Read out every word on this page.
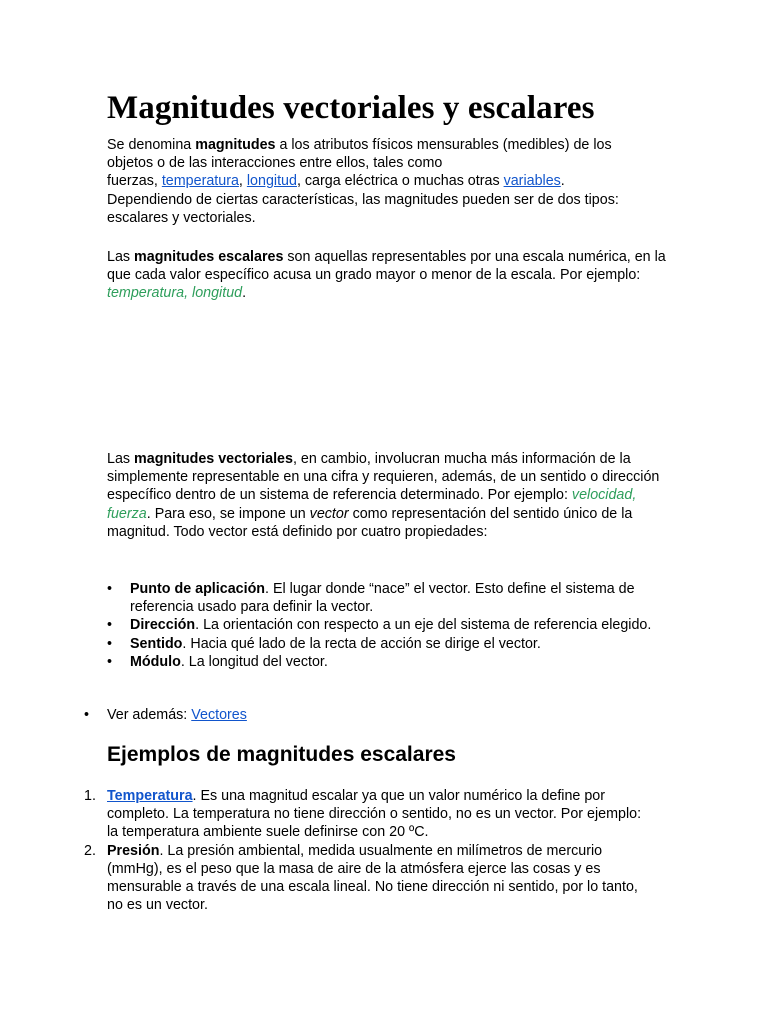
Magnitudes vectoriales y escalares

Se denomina magnitudes a los atributos físicos mensurables (medibles) de los objetos o de las interacciones entre ellos, tales como
fuerzas, temperatura, longitud, carga eléctrica o muchas otras variables.
Dependiendo de ciertas características, las magnitudes pueden ser de dos tipos: escalares y vectoriales.

Las magnitudes escalares son aquellas representables por una escala numérica, en la que cada valor específico acusa un grado mayor o menor de la escala. Por ejemplo: temperatura, longitud.

Las magnitudes vectoriales, en cambio, involucran mucha más información de la simplemente representable en una cifra y requieren, además, de un sentido o dirección específico dentro de un sistema de referencia determinado. Por ejemplo: velocidad, fuerza. Para eso, se impone un vector como representación del sentido único de la magnitud. Todo vector está definido por cuatro propiedades:

• Punto de aplicación. El lugar donde “nace” el vector. Esto define el sistema de referencia usado para definir la vector.
• Dirección. La orientación con respecto a un eje del sistema de referencia elegido.
• Sentido. Hacia qué lado de la recta de acción se dirige el vector.
• Módulo. La longitud del vector.
• Ver además: Vectores
Ejemplos de magnitudes escalares
1. Temperatura. Es una magnitud escalar ya que un valor numérico la define por completo. La temperatura no tiene dirección o sentido, no es un vector. Por ejemplo: la temperatura ambiente suele definirse con 20 ºC.
2. Presión. La presión ambiental, medida usualmente en milímetros de mercurio (mmHg), es el peso que la masa de aire de la atmósfera ejerce las cosas y es mensurable a través de una escala lineal. No tiene dirección ni sentido, por lo tanto, no es un vector.
